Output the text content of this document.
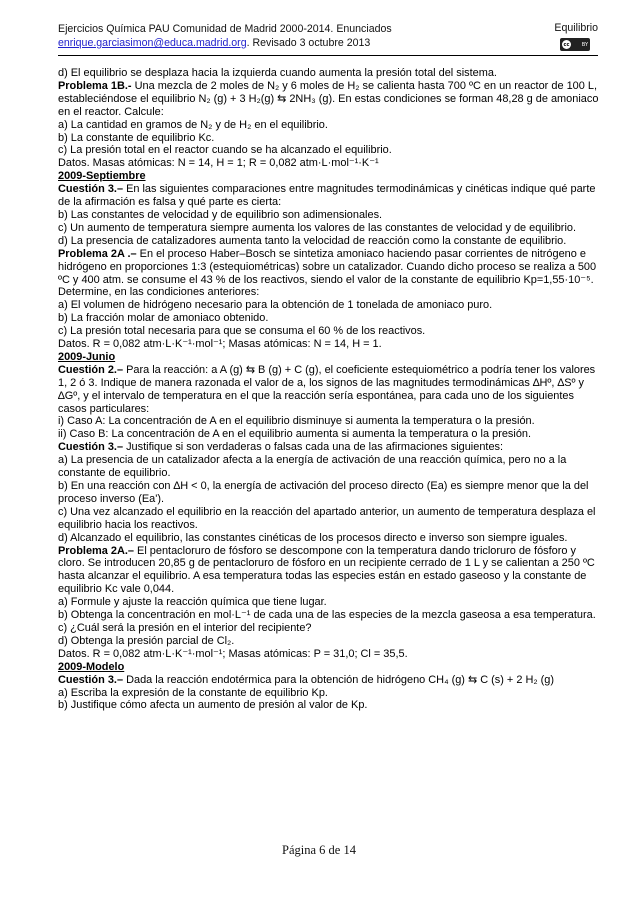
Ejercicios Química PAU Comunidad de Madrid 2000-2014. Enunciados
enrique.garciasimon@educa.madrid.org. Revisado 3 octubre 2013
Equilibrio
cc	BY

d) El equilibrio se desplaza hacia la izquierda cuando aumenta la presión total del sistema.

Problema 1B.- Una mezcla de 2 moles de N₂ y 6 moles de H₂ se calienta hasta 700 ºC en un reactor de 100 L, estableciéndose el equilibrio N₂ (g) + 3 H₂(g) ⇆ 2NH₃ (g). En estas condiciones se forman 48,28 g de amoniaco en el reactor. Calcule:

a) La cantidad en gramos de N₂ y de H₂ en el equilibrio.

b) La constante de equilibrio Kc.

c) La presión total en el reactor cuando se ha alcanzado el equilibrio.

Datos. Masas atómicas: N = 14, H = 1; R = 0,082 atm·L·mol⁻¹·K⁻¹

2009-Septiembre

Cuestión 3.– En las siguientes comparaciones entre magnitudes termodinámicas y cinéticas indique qué parte de la afirmación es falsa y qué parte es cierta:

b) Las constantes de velocidad y de equilibrio son adimensionales.

c) Un aumento de temperatura siempre aumenta los valores de las constantes de velocidad y de equilibrio.

d) La presencia de catalizadores aumenta tanto la velocidad de reacción como la constante de equilibrio.

Problema 2A .– En el proceso Haber–Bosch se sintetiza amoniaco haciendo pasar corrientes de nitrógeno e hidrógeno en proporciones 1:3 (estequiométricas) sobre un catalizador. Cuando dicho proceso se realiza a 500 ºC y 400 atm. se consume el 43 % de los reactivos, siendo el valor de la constante de equilibrio Kp=1,55·10⁻⁵. Determine, en las condiciones anteriores:

a) El volumen de hidrógeno necesario para la obtención de 1 tonelada de amoniaco puro.

b) La fracción molar de amoniaco obtenido.

c) La presión total necesaria para que se consuma el 60 % de los reactivos.

Datos. R = 0,082 atm·L·K⁻¹·mol⁻¹; Masas atómicas: N = 14, H = 1.

2009-Junio

Cuestión 2.– Para la reacción: a A (g) ⇆ B (g) + C (g), el coeficiente estequiométrico a podría tener los valores 1, 2 ó 3. Indique de manera razonada el valor de a, los signos de las magnitudes termodinámicas ∆Hº, ∆Sº y ∆Gº, y el intervalo de temperatura en el que la reacción sería espontánea, para cada uno de los siguientes casos particulares:

i) Caso A: La concentración de A en el equilibrio disminuye si aumenta la temperatura o la presión.

ii) Caso B: La concentración de A en el equilibrio aumenta si aumenta la temperatura o la presión.

Cuestión 3.– Justifique si son verdaderas o falsas cada una de las afirmaciones siguientes:

a) La presencia de un catalizador afecta a la energía de activación de una reacción química, pero no a la constante de equilibrio.

b) En una reacción con ∆H < 0, la energía de activación del proceso directo (Ea) es siempre menor que la del proceso inverso (Ea').

c) Una vez alcanzado el equilibrio en la reacción del apartado anterior, un aumento de temperatura desplaza el equilibrio hacia los reactivos.

d) Alcanzado el equilibrio, las constantes cinéticas de los procesos directo e inverso son siempre iguales.

Problema 2A.– El pentacloruro de fósforo se descompone con la temperatura dando tricloruro de fósforo y cloro. Se introducen 20,85 g de pentacloruro de fósforo en un recipiente cerrado de 1 L y se calientan a 250 ºC hasta alcanzar el equilibrio. A esa temperatura todas las especies están en estado gaseoso y la constante de equilibrio Kc vale 0,044.

a) Formule y ajuste la reacción química que tiene lugar.

b) Obtenga la concentración en mol·L⁻¹ de cada una de las especies de la mezcla gaseosa a esa temperatura.

c) ¿Cuál será la presión en el interior del recipiente?

d) Obtenga la presión parcial de Cl₂.

Datos. R = 0,082 atm·L·K⁻¹·mol⁻¹; Masas atómicas: P = 31,0; Cl = 35,5.

2009-Modelo

Cuestión 3.– Dada la reacción endotérmica para la obtención de hidrógeno CH₄ (g) ⇆ C (s) + 2 H₂ (g)

a) Escriba la expresión de la constante de equilibrio Kp.

b) Justifique cómo afecta un aumento de presión al valor de Kp.

Página 6 de 14
